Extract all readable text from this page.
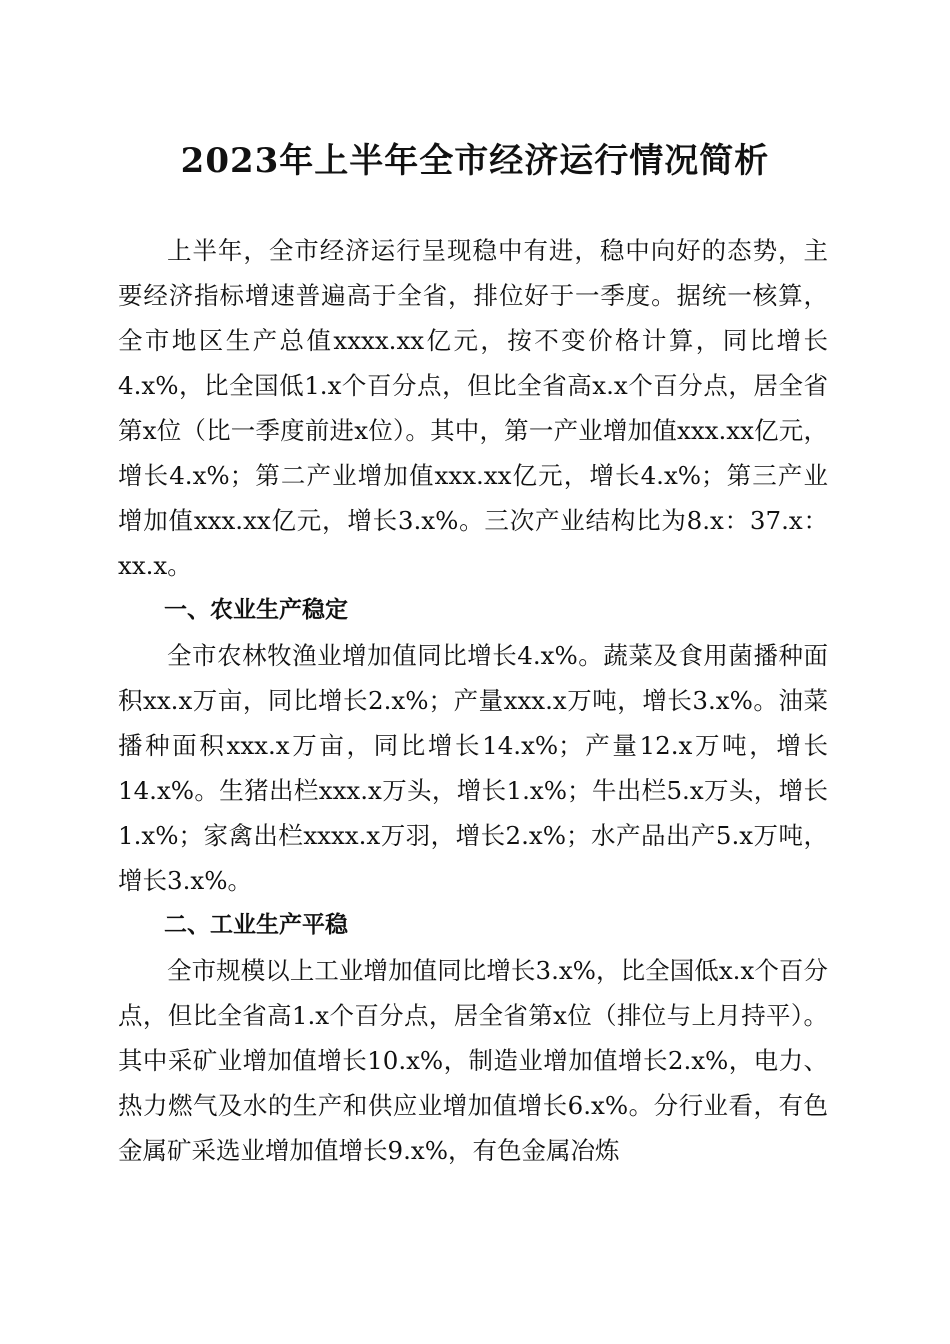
2023年上半年全市经济运行情况简析

上半年，全市经济运行呈现稳中有进，稳中向好的态势，主要经济指标增速普遍高于全省，排位好于一季度。据统一核算，全市地区生产总值xxxx.xx亿元，按不变价格计算，同比增长4.x%，比全国低1.x个百分点，但比全省高x.x个百分点，居全省第x位（比一季度前进x位）。其中，第一产业增加值xxx.xx亿元，增长4.x%；第二产业增加值xxx.xx亿元，增长4.x%；第三产业增加值xxx.xx亿元，增长3.x%。三次产业结构比为8.x：37.x：xx.x。

一、农业生产稳定

全市农林牧渔业增加值同比增长4.x%。蔬菜及食用菌播种面积xx.x万亩，同比增长2.x%；产量xxx.x万吨，增长3.x%。油菜播种面积xxx.x万亩，同比增长14.x%；产量12.x万吨，增长14.x%。生猪出栏xxx.x万头，增长1.x%；牛出栏5.x万头，增长1.x%；家禽出栏xxxx.x万羽，增长2.x%；水产品出产5.x万吨，增长3.x%。

二、工业生产平稳

全市规模以上工业增加值同比增长3.x%，比全国低x.x个百分点，但比全省高1.x个百分点，居全省第x位（排位与上月持平）。其中采矿业增加值增长10.x%，制造业增加值增长2.x%，电力、热力燃气及水的生产和供应业增加值增长6.x%。分行业看，有色金属矿采选业增加值增长9.x%，有色金属冶炼
